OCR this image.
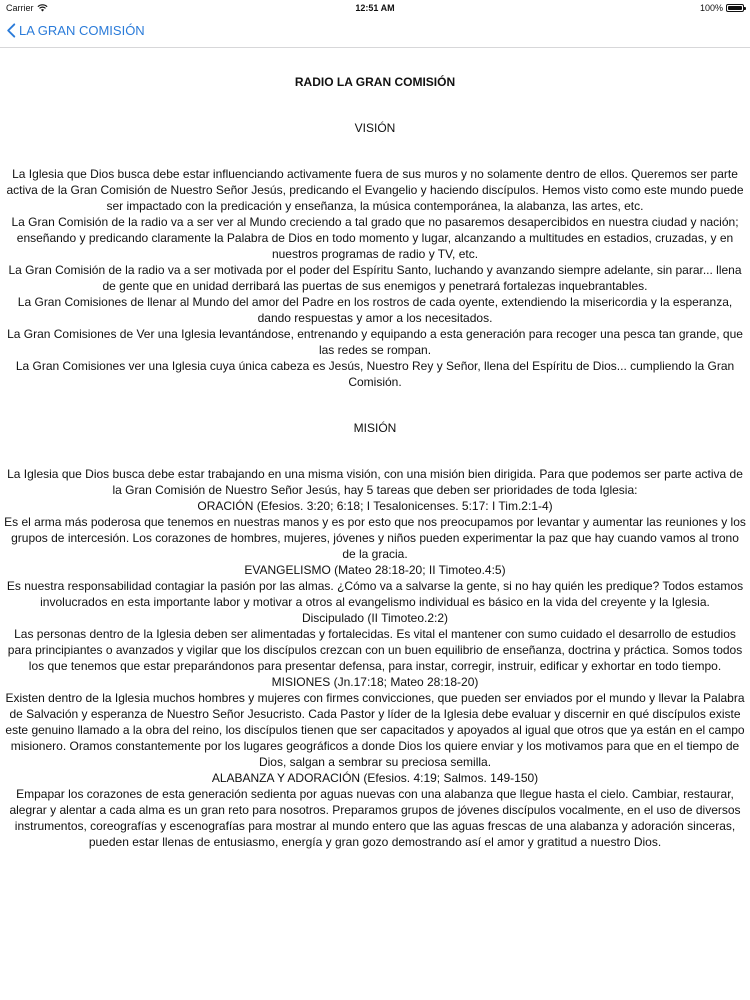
Carrier	12:51 AM	100%
LA GRAN COMISIÓN
RADIO LA GRAN COMISIÓN
VISIÓN
La Iglesia que Dios busca debe estar influenciando activamente fuera de sus muros y no solamente dentro de ellos. Queremos ser parte activa de la Gran Comisión de Nuestro Señor Jesús, predicando el Evangelio y haciendo discípulos. Hemos visto como este mundo puede ser impactado con la predicación y enseñanza, la música contemporánea, la alabanza, las artes, etc.
La Gran Comisión de la radio va a ser ver al Mundo creciendo a tal grado que no pasaremos desapercibidos en nuestra ciudad y nación; enseñando y predicando claramente la Palabra de Dios en todo momento y lugar, alcanzando a multitudes en estadios, cruzadas, y en nuestros programas de radio y TV, etc.
La Gran Comisión de la radio va a ser motivada por el poder del Espíritu Santo, luchando y avanzando siempre adelante, sin parar... llena de gente que en unidad derribará las puertas de sus enemigos y penetrará fortalezas inquebrantables.
La Gran Comisiones de llenar al Mundo del amor del Padre en los rostros de cada oyente, extendiendo la misericordia y la esperanza, dando respuestas y amor a los necesitados.
La Gran Comisiones de Ver una Iglesia levantándose, entrenando y equipando a esta generación para recoger una pesca tan grande, que las redes se rompan.
La Gran Comisiones ver una Iglesia cuya única cabeza es Jesús, Nuestro Rey y Señor, llena del Espíritu de Dios... cumpliendo la Gran Comisión.
MISIÓN
La Iglesia que Dios busca debe estar trabajando en una misma visión, con una misión bien dirigida. Para que podemos ser parte activa de la Gran Comisión de Nuestro Señor Jesús, hay 5 tareas que deben ser prioridades de toda Iglesia:
ORACIÓN (Efesios. 3:20; 6:18; I Tesalonicenses. 5:17: I Tim.2:1-4)
Es el arma más poderosa que tenemos en nuestras manos y es por esto que nos preocupamos por levantar y aumentar las reuniones y los grupos de intercesión. Los corazones de hombres, mujeres, jóvenes y niños pueden experimentar la paz que hay cuando vamos al trono de la gracia.
EVANGELISMO (Mateo 28:18-20; II Timoteo.4:5)
Es nuestra responsabilidad contagiar la pasión por las almas. ¿Cómo va a salvarse la gente, si no hay quién les predique? Todos estamos involucrados en esta importante labor y motivar a otros al evangelismo individual es básico en la vida del creyente y la Iglesia.
Discipulado (II Timoteo.2:2)
Las personas dentro de la Iglesia deben ser alimentadas y fortalecidas. Es vital el mantener con sumo cuidado el desarrollo de estudios para principiantes o avanzados y vigilar que los discípulos crezcan con un buen equilibrio de enseñanza, doctrina y práctica. Somos todos los que tenemos que estar preparándonos para presentar defensa, para instar, corregir, instruir, edificar y exhortar en todo tiempo.
MISIONES (Jn.17:18; Mateo 28:18-20)
Existen dentro de la Iglesia muchos hombres y mujeres con firmes convicciones, que pueden ser enviados por el mundo y llevar la Palabra de Salvación y esperanza de Nuestro Señor Jesucristo. Cada Pastor y líder de la Iglesia debe evaluar y discernir en qué discípulos existe este genuino llamado a la obra del reino, los discípulos tienen que ser capacitados y apoyados al igual que otros que ya están en el campo misionero. Oramos constantemente por los lugares geográficos a donde Dios los quiere enviar y los motivamos para que en el tiempo de Dios, salgan a sembrar su preciosa semilla.
ALABANZA Y ADORACIÓN (Efesios. 4:19; Salmos. 149-150)
Empapar los corazones de esta generación sedienta por aguas nuevas con una alabanza que llegue hasta el cielo. Cambiar, restaurar, alegrar y alentar a cada alma es un gran reto para nosotros. Preparamos grupos de jóvenes discípulos vocalmente, en el uso de diversos instrumentos, coreografías y escenografías para mostrar al mundo entero que las aguas frescas de una alabanza y adoración sinceras, pueden estar llenas de entusiasmo, energía y gran gozo demostrando así el amor y gratitud a nuestro Dios.
